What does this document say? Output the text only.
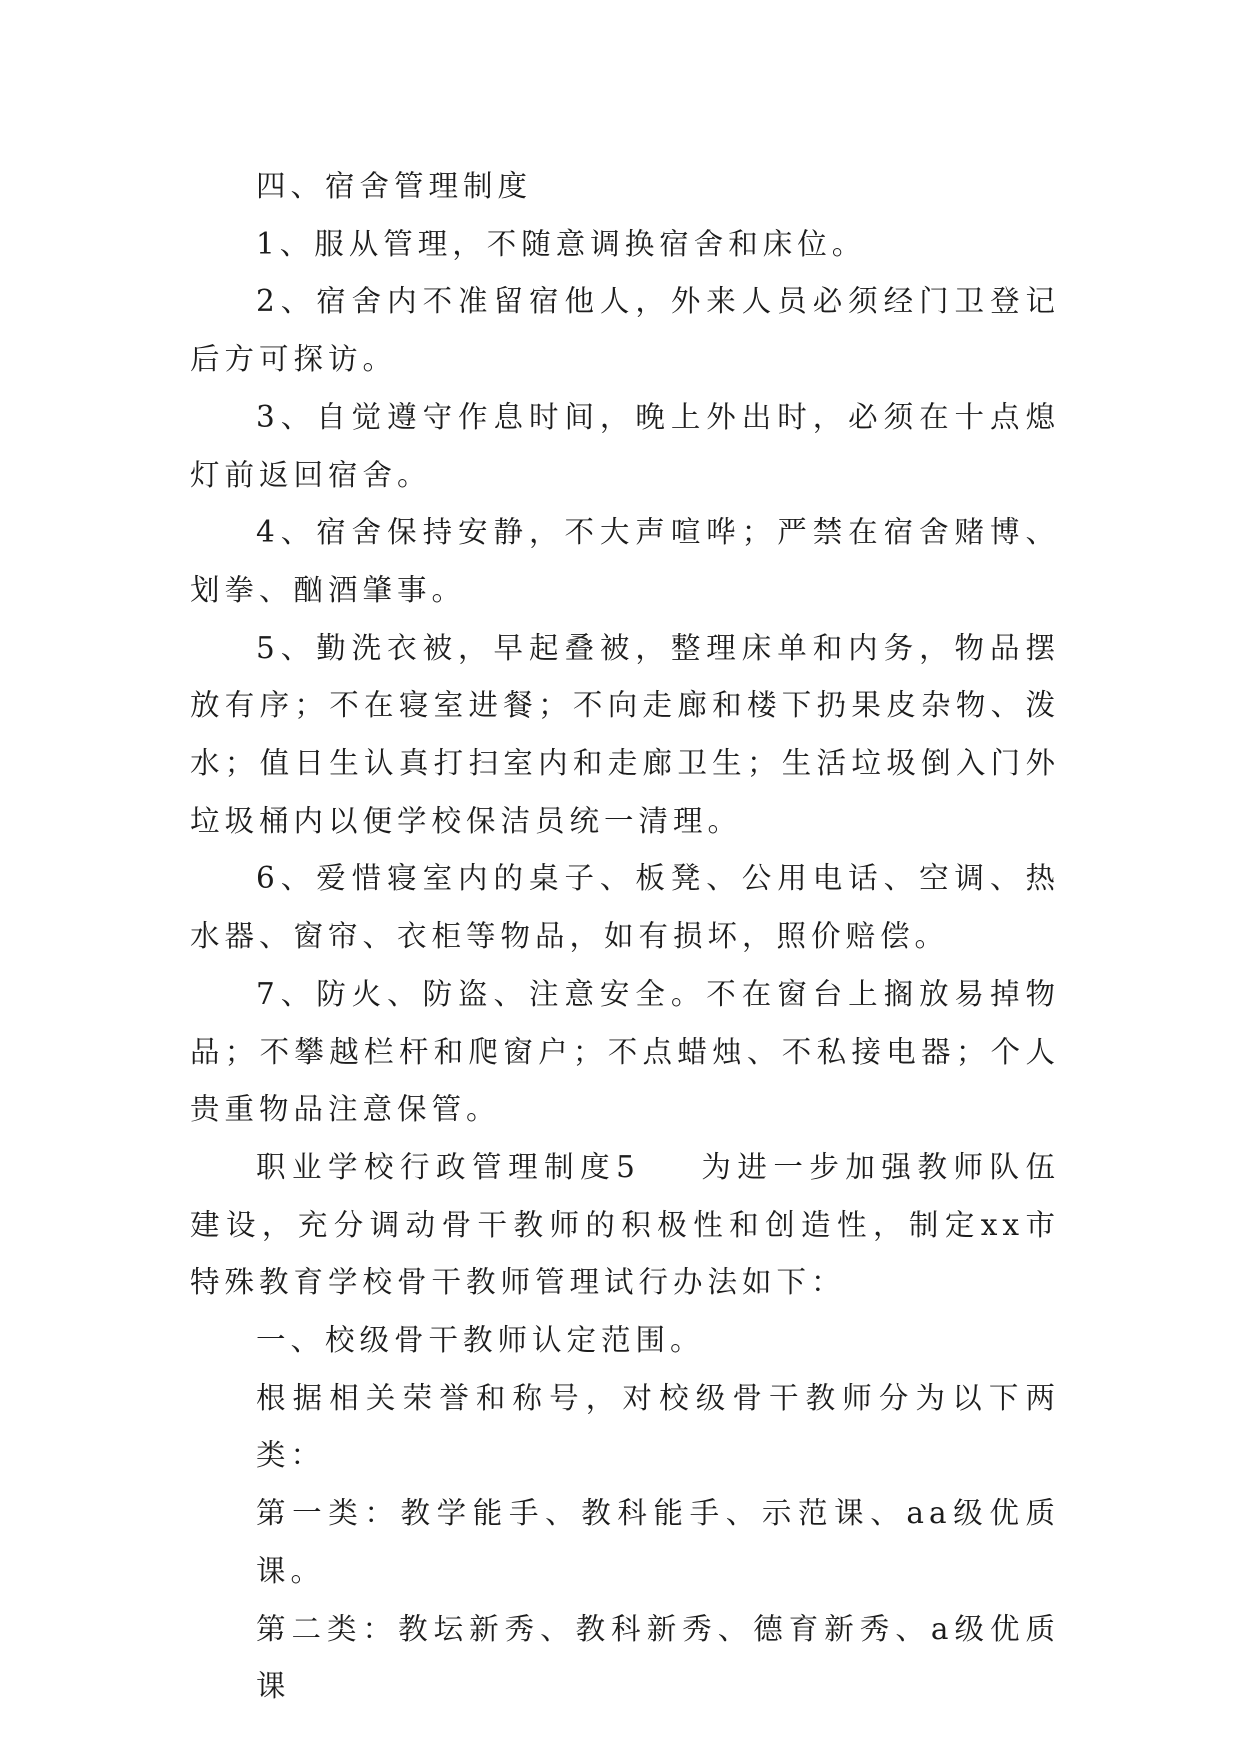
四、宿舍管理制度

1、服从管理，不随意调换宿舍和床位。

2、宿舍内不准留宿他人，外来人员必须经门卫登记后方可探访。

3、自觉遵守作息时间，晚上外出时，必须在十点熄灯前返回宿舍。

4、宿舍保持安静，不大声喧哗；严禁在宿舍赌博、划拳、酗酒肇事。

5、勤洗衣被，早起叠被，整理床单和内务，物品摆放有序；不在寝室进餐；不向走廊和楼下扔果皮杂物、泼水；值日生认真打扫室内和走廊卫生；生活垃圾倒入门外垃圾桶内以便学校保洁员统一清理。

6、爱惜寝室内的桌子、板凳、公用电话、空调、热水器、窗帘、衣柜等物品，如有损坏，照价赔偿。

7、防火、防盗、注意安全。不在窗台上搁放易掉物品；不攀越栏杆和爬窗户；不点蜡烛、不私接电器；个人贵重物品注意保管。

职业学校行政管理制度5 为进一步加强教师队伍建设，充分调动骨干教师的积极性和创造性，制定xx市特殊教育学校骨干教师管理试行办法如下：

一、校级骨干教师认定范围。

根据相关荣誉和称号，对校级骨干教师分为以下两类：

第一类：教学能手、教科能手、示范课、aa级优质课。

第二类：教坛新秀、教科新秀、德育新秀、a级优质课
